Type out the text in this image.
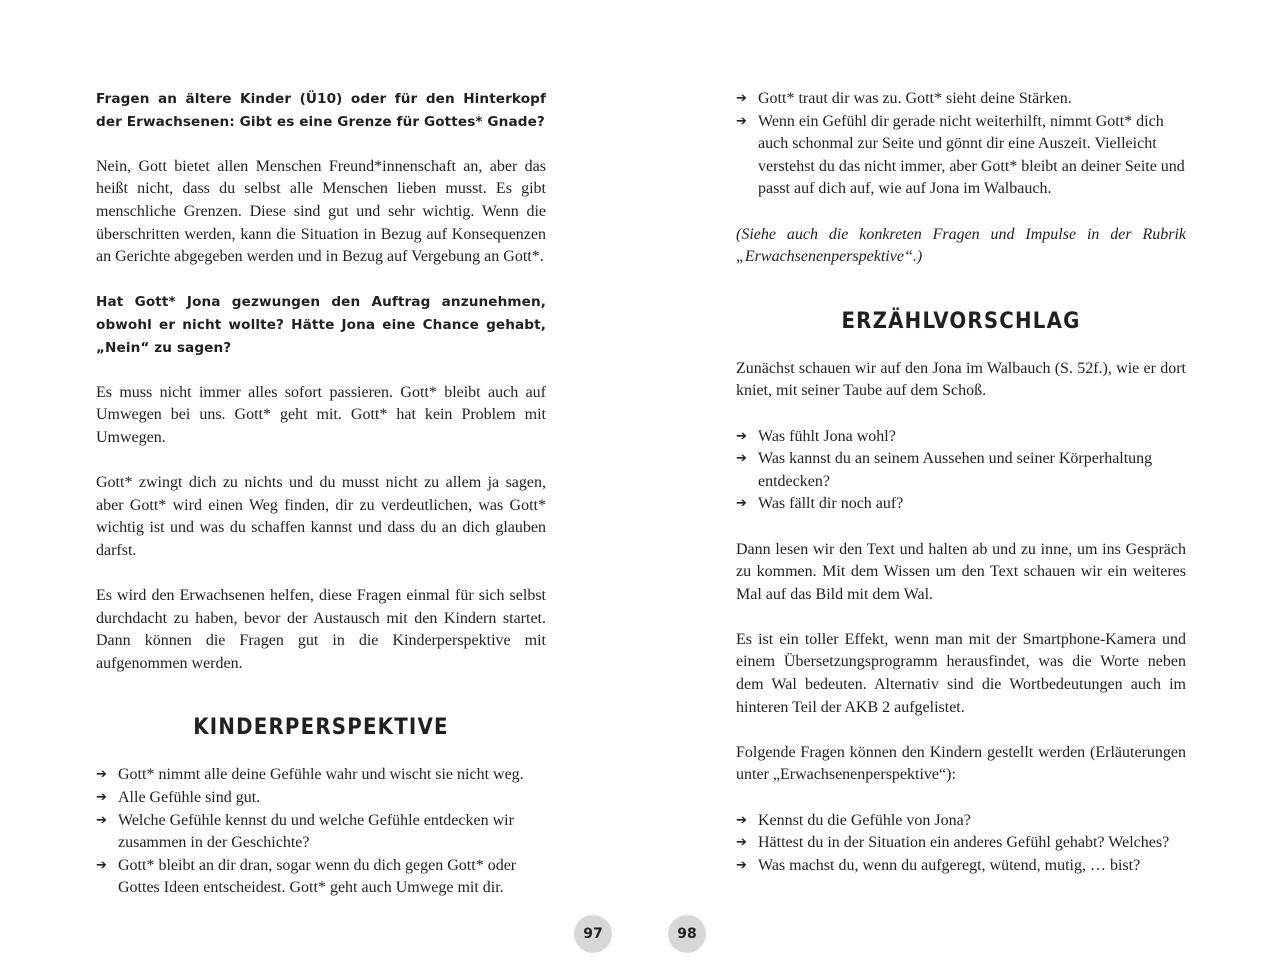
Fragen an ältere Kinder (Ü10) oder für den Hinterkopf der Erwachsenen: Gibt es eine Grenze für Gottes* Gnade?

Nein, Gott bietet allen Menschen Freund*innenschaft an, aber das heißt nicht, dass du selbst alle Menschen lieben musst. Es gibt menschliche Grenzen. Diese sind gut und sehr wichtig. Wenn die überschritten werden, kann die Situation in Bezug auf Konsequenzen an Gerichte abgegeben werden und in Bezug auf Vergebung an Gott*.

Hat Gott* Jona gezwungen den Auftrag anzunehmen, obwohl er nicht wollte? Hätte Jona eine Chance gehabt, „Nein“ zu sagen?

Es muss nicht immer alles sofort passieren. Gott* bleibt auch auf Umwegen bei uns. Gott* geht mit. Gott* hat kein Problem mit Umwegen.

Gott* zwingt dich zu nichts und du musst nicht zu allem ja sagen, aber Gott* wird einen Weg finden, dir zu verdeutlichen, was Gott* wichtig ist und was du schaffen kannst und dass du an dich glauben darfst.

Es wird den Erwachsenen helfen, diese Fragen einmal für sich selbst durchdacht zu haben, bevor der Austausch mit den Kindern startet. Dann können die Fragen gut in die Kinderperspektive mit aufgenommen werden.

KINDERPERSPEKTIVE
➔ Gott* nimmt alle deine Gefühle wahr und wischt sie nicht weg.
➔ Alle Gefühle sind gut.
➔ Welche Gefühle kennst du und welche Gefühle entdecken wir zusammen in der Geschichte?
➔ Gott* bleibt an dir dran, sogar wenn du dich gegen Gott* oder Gottes Ideen entscheidest. Gott* geht auch Umwege mit dir.
➔ Gott* traut dir was zu. Gott* sieht deine Stärken.
➔ Wenn ein Gefühl dir gerade nicht weiterhilft, nimmt Gott* dich auch schonmal zur Seite und gönnt dir eine Auszeit. Vielleicht verstehst du das nicht immer, aber Gott* bleibt an deiner Seite und passt auf dich auf, wie auf Jona im Walbauch.

(Siehe auch die konkreten Fragen und Impulse in der Rubrik „Erwachsenenperspektive“.)

ERZÄHLVORSCHLAG

Zunächst schauen wir auf den Jona im Walbauch (S. 52f.), wie er dort kniet, mit seiner Taube auf dem Schoß.

➔ Was fühlt Jona wohl?
➔ Was kannst du an seinem Aussehen und seiner Körperhaltung entdecken?
➔ Was fällt dir noch auf?

Dann lesen wir den Text und halten ab und zu inne, um ins Gespräch zu kommen. Mit dem Wissen um den Text schauen wir ein weiteres Mal auf das Bild mit dem Wal.

Es ist ein toller Effekt, wenn man mit der Smartphone-Kamera und einem Übersetzungsprogramm herausfindet, was die Worte neben dem Wal bedeuten. Alternativ sind die Wortbedeutungen auch im hinteren Teil der AKB 2 aufgelistet.

Folgende Fragen können den Kindern gestellt werden (Erläuterungen unter „Erwachsenenperspektive“):

➔ Kennst du die Gefühle von Jona?
➔ Hättest du in der Situation ein anderes Gefühl gehabt? Welches?
➔ Was machst du, wenn du aufgeregt, wütend, mutig, … bist?
97	98
